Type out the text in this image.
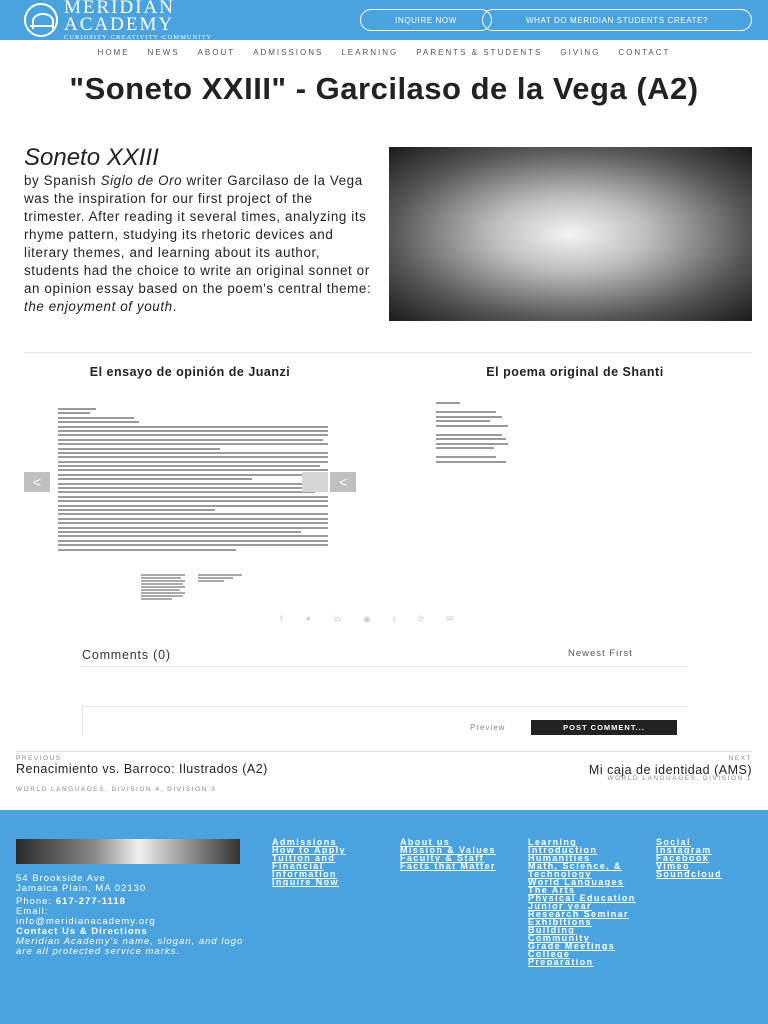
MERIDIAN
ACADEMY
CURIOSITY·CREATIVITY·COMMUNITY
INQUIRE NOW	WHAT DO MERIDIAN STUDENTS CREATE?
HOME	NEWS	ABOUT	ADMISSIONS	LEARNING	PARENTS & STUDENTS	GIVING	CONTACT
"Soneto XXIII" - Garcilaso de la Vega (A2)
Soneto XXIII

by Spanish Siglo de Oro writer Garcilaso de la Vega was the inspiration for our first project of the trimester. After reading it several times, analyzing its rhyme pattern, studying its rhetoric devices and literary themes, and learning about its author, students had the choice to write an original sonnet or an opinion essay based on the poem's central theme: the enjoyment of youth.

El ensayo de opinión de Juanzi	El poema original de Shanti
<	<
f ✦ in ◉ t ℗ ✉
Comments (0)	Newest First
Preview	POST COMMENT...
PREVIOUS	NEXT
Renacimiento vs. Barroco: Ilustrados (A2)	Mi caja de identidad (AMS)
WORLD LANGUAGES, DIVISION 4, DIVISION 3
WORLD LANGUAGES, DIVISION 1
54 Brookside Ave
Jamaica Plain, MA 02130
Phone: 617-277-1118
Email:
info@meridianacademy.org
Contact Us & Directions
Meridian Academy's name, slogan, and logo are all protected service marks.
Admissions
How to Apply
Tuition and Financial Information
Inquire Now
About us
Mission & Values
Faculty & Staff
Facts that Matter
Learning
Introduction
Humanities
Math, Science, & Technology
World Languages
The Arts
Physical Education
Junior year Research Seminar
Exhibitions
Building Community
Grade Meetings
College Preparation
Social
Instagram
Facebook
Vimeo
Soundcloud
